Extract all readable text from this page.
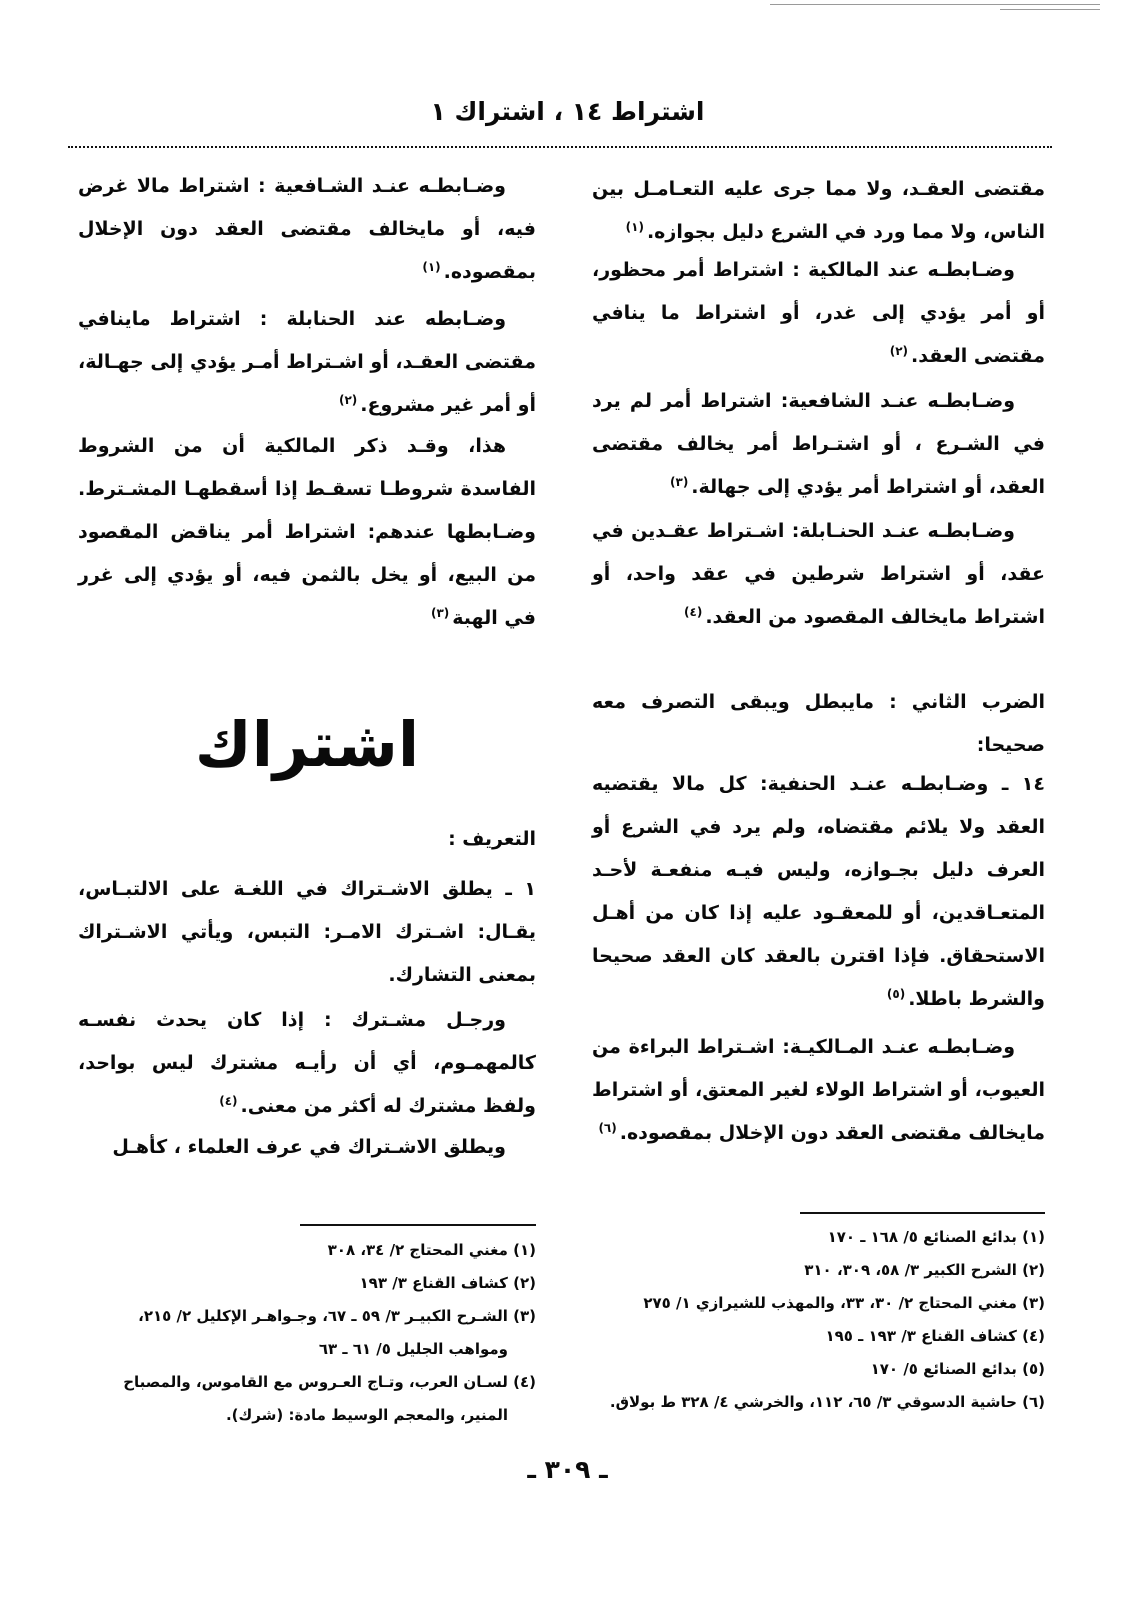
اشتراط ١٤ ، اشتراك ١

مقتضى العقـد، ولا مما جرى عليه التعـامـل بين الناس، ولا مما ورد في الشرع دليل بجوازه.$^{(١)}$

وضـابطـه عند المالكية : اشتراط أمر محظور، أو أمر يؤدي إلى غدر، أو اشتراط ما ينافي مقتضى العقد.$^{(٢)}$

وضـابطـه عنـد الشافعية: اشتراط أمر لم يرد في الشـرع ، أو اشتـراط أمر يخالف مقتضى العقد، أو اشتراط أمر يؤدي إلى جهالة.$^{(٣)}$

وضـابطـه عنـد الحنـابلة: اشـتراط عقـدين في عقد، أو اشتراط شرطين في عقد واحد، أو اشتراط مايخالف المقصود من العقد.$^{(٤)}$

الضرب الثاني : مايبطل ويبقى التصرف معه صحيحا:

١٤ ـ وضـابطـه عنـد الحنفية: كل مالا يقتضيه العقد ولا يلائم مقتضاه، ولم يرد في الشرع أو العرف دليل بجـوازه، وليس فيـه منفعـة لأحـد المتعـاقدين، أو للمعقـود عليه إذا كان من أهـل الاستحقاق. فإذا اقترن بالعقد كان العقد صحيحا والشرط باطلا.$^{(٥)}$

وضـابطـه عنـد المـالكيـة: اشـتراط البراءة من العيوب، أو اشتراط الولاء لغير المعتق، أو اشتراط مايخالف مقتضى العقد دون الإخلال بمقصوده.$^{(٦)}$

(١) بدائع الصنائع ٥/ ١٦٨ ـ ١٧٠
(٢) الشرح الكبير ٣/ ٥٨، ٣٠٩، ٣١٠
(٣) مغني المحتاج ٢/ ٣٠، ٣٣، والمهذب للشيرازي ١/ ٢٧٥
(٤) كشاف القناع ٣/ ١٩٣ ـ ١٩٥
(٥) بدائع الصنائع ٥/ ١٧٠
(٦) حاشية الدسوقي ٣/ ٦٥، ١١٢، والخرشي ٤/ ٣٢٨ ط بولاق.

وضـابطـه عنـد الشـافعية : اشتراط مالا غرض فيه، أو مايخالف مقتضى العقد دون الإخلال بمقصوده.$^{(١)}$

وضـابطه عند الحنابلة : اشتراط ماينافي مقتضى العقـد، أو اشـتراط أمـر يؤدي إلى جهـالة، أو أمر غير مشروع.$^{(٢)}$

هذا، وقـد ذكر المالكية أن من الشروط الفاسدة شروطـا تسقـط إذا أسقطهـا المشـترط. وضـابطها عندهم: اشتراط أمر يناقض المقصود من البيع، أو يخل بالثمن فيه، أو يؤدي إلى غرر في الهبة$^{(٣)}$

اشتراك

التعريف :

١ ـ يطلق الاشـتراك في اللغـة على الالتبـاس، يقـال: اشـترك الامـر: التبس، ويأتي الاشـتراك بمعنى التشارك.

ورجـل مشـترك : إذا كان يحدث نفسـه كالمهمـوم، أي أن رأيـه مشترك ليس بواحد، ولفظ مشترك له أكثر من معنى.$^{(٤)}$

ويطلق الاشـتراك في عرف العلماء ، كأهـل

(١) مغني المحتاج ٢/ ٣٤، ٣٠٨
(٢) كشاف القناع ٣/ ١٩٣
(٣) الشـرح الكبيـر ٣/ ٥٩ ـ ٦٧، وجـواهـر الإكليل ٢/ ٢١٥، ومواهب الجليل ٥/ ٦١ ـ ٦٣
(٤) لسـان العرب، وتـاج العـروس مع القاموس، والمصباح المنير، والمعجم الوسيط مادة: (شرك).
ـ ٣٠٩ ـ
